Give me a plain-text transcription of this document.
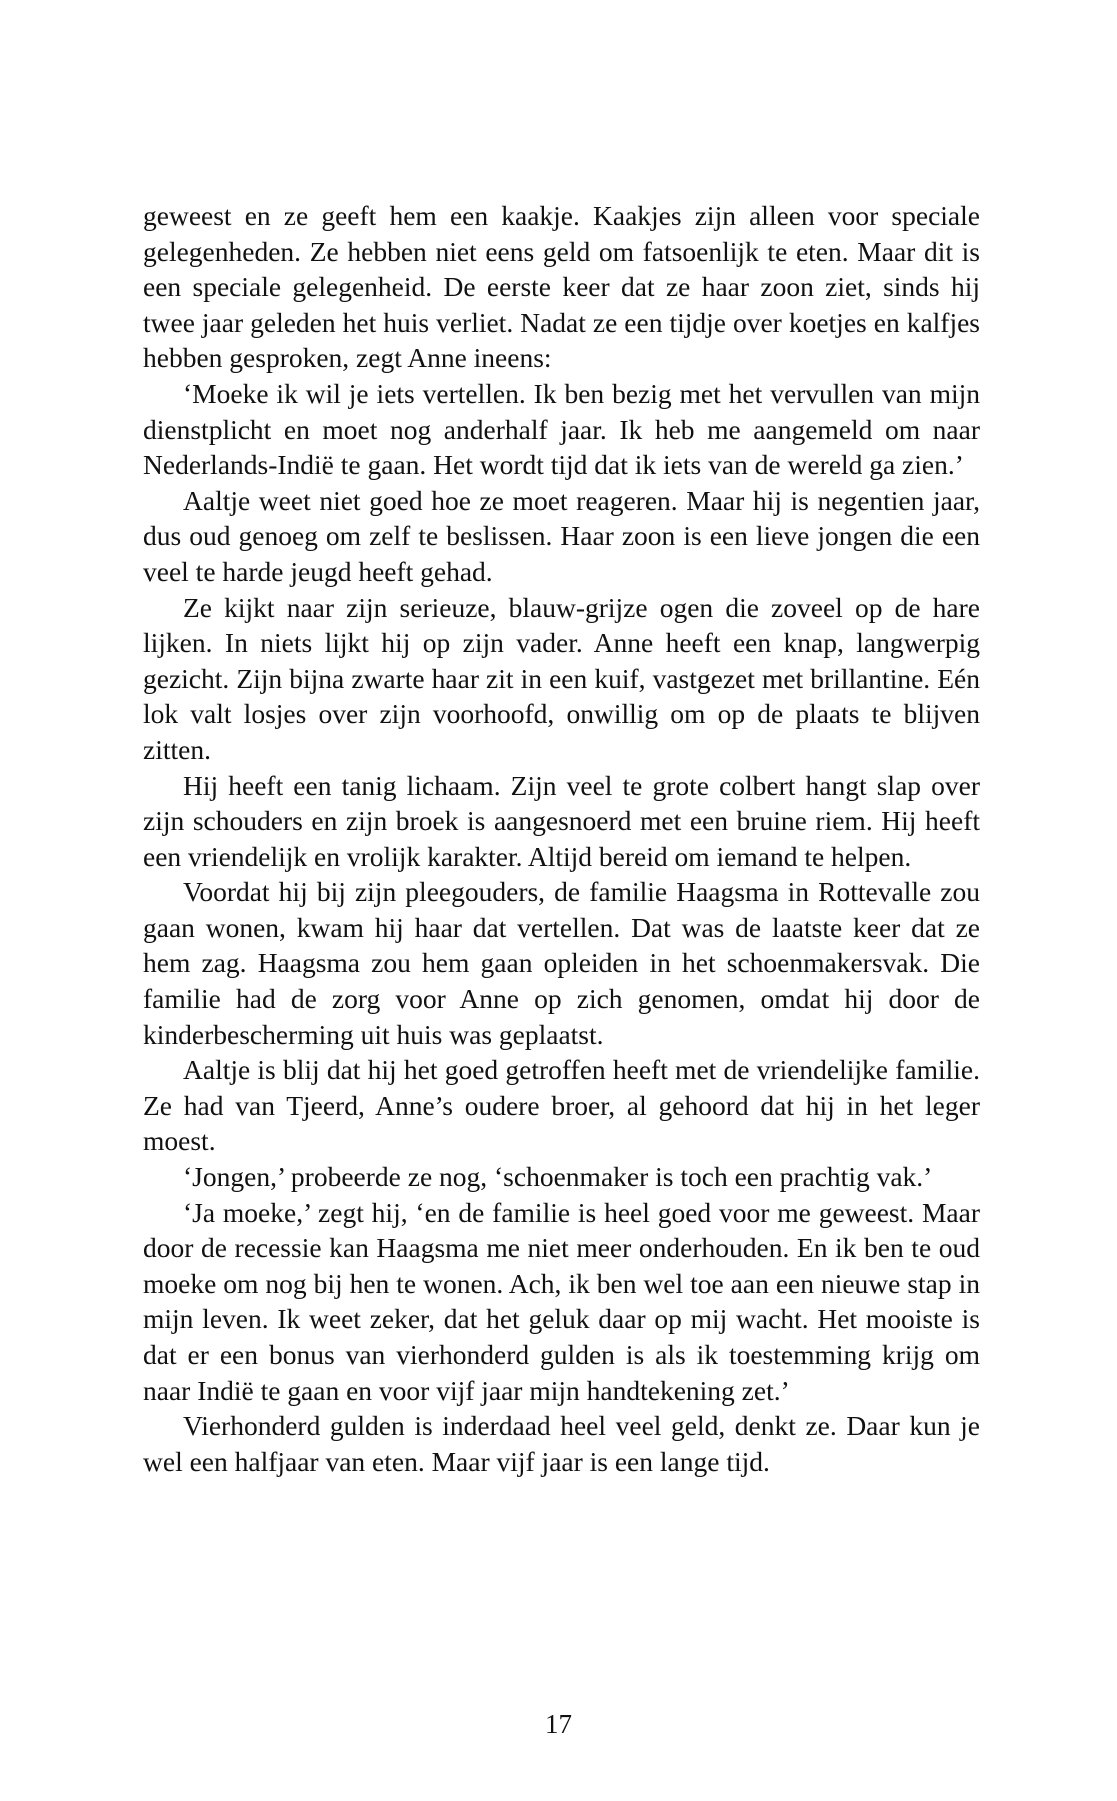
geweest en ze geeft hem een kaakje. Kaakjes zijn alleen voor speciale gelegenheden. Ze hebben niet eens geld om fatsoenlijk te eten. Maar dit is een speciale gelegenheid. De eerste keer dat ze haar zoon ziet, sinds hij twee jaar geleden het huis verliet. Nadat ze een tijdje over koetjes en kalfjes hebben gesproken, zegt Anne ineens:

‘Moeke ik wil je iets vertellen. Ik ben bezig met het vervullen van mijn dienstplicht en moet nog anderhalf jaar. Ik heb me aangemeld om naar Nederlands-Indië te gaan. Het wordt tijd dat ik iets van de wereld ga zien.’

Aaltje weet niet goed hoe ze moet reageren. Maar hij is negentien jaar, dus oud genoeg om zelf te beslissen. Haar zoon is een lieve jongen die een veel te harde jeugd heeft gehad.

Ze kijkt naar zijn serieuze, blauw-grijze ogen die zoveel op de hare lijken. In niets lijkt hij op zijn vader. Anne heeft een knap, langwerpig gezicht. Zijn bijna zwarte haar zit in een kuif, vastgezet met brillantine. Eén lok valt losjes over zijn voorhoofd, onwillig om op de plaats te blijven zitten.

Hij heeft een tanig lichaam. Zijn veel te grote colbert hangt slap over zijn schouders en zijn broek is aangesnoerd met een bruine riem. Hij heeft een vriendelijk en vrolijk karakter. Altijd bereid om iemand te helpen.

Voordat hij bij zijn pleegouders, de familie Haagsma in Rottevalle zou gaan wonen, kwam hij haar dat vertellen. Dat was de laatste keer dat ze hem zag. Haagsma zou hem gaan opleiden in het schoenmakersvak. Die familie had de zorg voor Anne op zich genomen, omdat hij door de kinderbescherming uit huis was geplaatst.

Aaltje is blij dat hij het goed getroffen heeft met de vriendelijke familie. Ze had van Tjeerd, Anne’s oudere broer, al gehoord dat hij in het leger moest.

‘Jongen,’ probeerde ze nog, ‘schoenmaker is toch een prachtig vak.’

‘Ja moeke,’ zegt hij, ‘en de familie is heel goed voor me geweest. Maar door de recessie kan Haagsma me niet meer onderhouden. En ik ben te oud moeke om nog bij hen te wonen. Ach, ik ben wel toe aan een nieuwe stap in mijn leven. Ik weet zeker, dat het geluk daar op mij wacht. Het mooiste is dat er een bonus van vierhonderd gulden is als ik toestemming krijg om naar Indië te gaan en voor vijf jaar mijn handtekening zet.’

Vierhonderd gulden is inderdaad heel veel geld, denkt ze. Daar kun je wel een halfjaar van eten. Maar vijf jaar is een lange tijd.

17
